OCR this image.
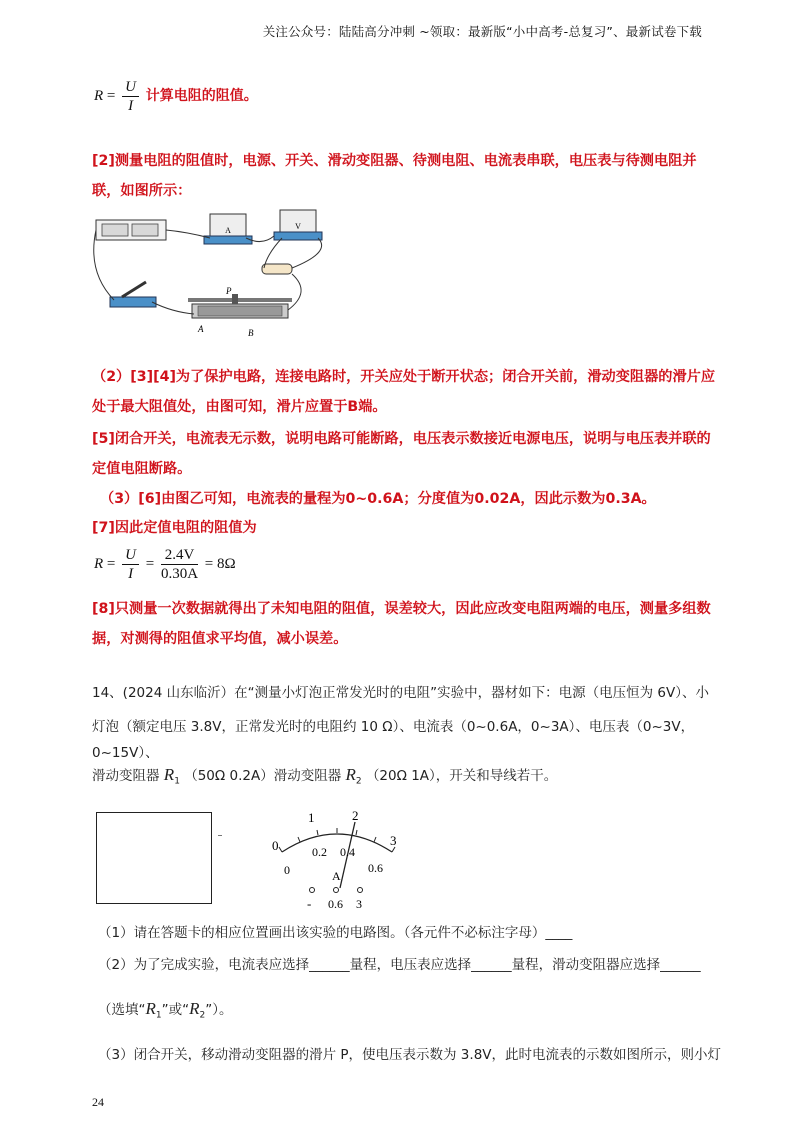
关注公众号：陆陆高分冲刺 ~领取：最新版“小中高考-总复习”、最新试卷下载
$R = \frac{U}{I}$ 计算电阻的阻值。
[2]测量电阻的阻值时，电源、开关、滑动变阻器、待测电阻、电流表串联，电压表与待测电阻并联，如图所示：
A	V
P
A	B
（2）[3][4]为了保护电路，连接电路时，开关应处于断开状态；闭合开关前，滑动变阻器的滑片应处于最大阻值处，由图可知，滑片应置于B端。
[5]闭合开关，电流表无示数，说明电路可能断路，电压表示数接近电源电压，说明与电压表并联的定值电阻断路。
（3）[6]由图乙可知，电流表的量程为0~0.6A；分度值为0.02A，因此示数为0.3A。
[7]因此定值电阻的阻值为
$R = \frac{U}{I} = \frac{2.4V}{0.30A} = 8\Omega$
[8]只测量一次数据就得出了未知电阻的阻值，误差较大，因此应改变电阻两端的电压，测量多组数据，对测得的阻值求平均值，减小误差。
14、(2024 山东临沂）在“测量小灯泡正常发光时的电阻”实验中，器材如下：电源（电压恒为 6V）、小
灯泡（额定电压 3.8V，正常发光时的电阻约 10 Ω）、电流表（0~0.6A，0~3A）、电压表（0~3V，0~15V）、
滑动变阻器 $R_1$ （50Ω 0.2A）滑动变阻器 $R_2$ （20Ω 1A），开关和导线若干。
0
1	2
3
0
0.2 0.4
0.6
A
- 0.6 3
（1）请在答题卡的相应位置画出该实验的电路图。（各元件不必标注字母）____
（2）为了完成实验，电流表应选择______量程，电压表应选择______量程，滑动变阻器应选择______
（选填“$R_1$”或“$R_2$”）。
（3）闭合开关，移动滑动变阻器的滑片 P，使电压表示数为 3.8V，此时电流表的示数如图所示，则小灯
24
